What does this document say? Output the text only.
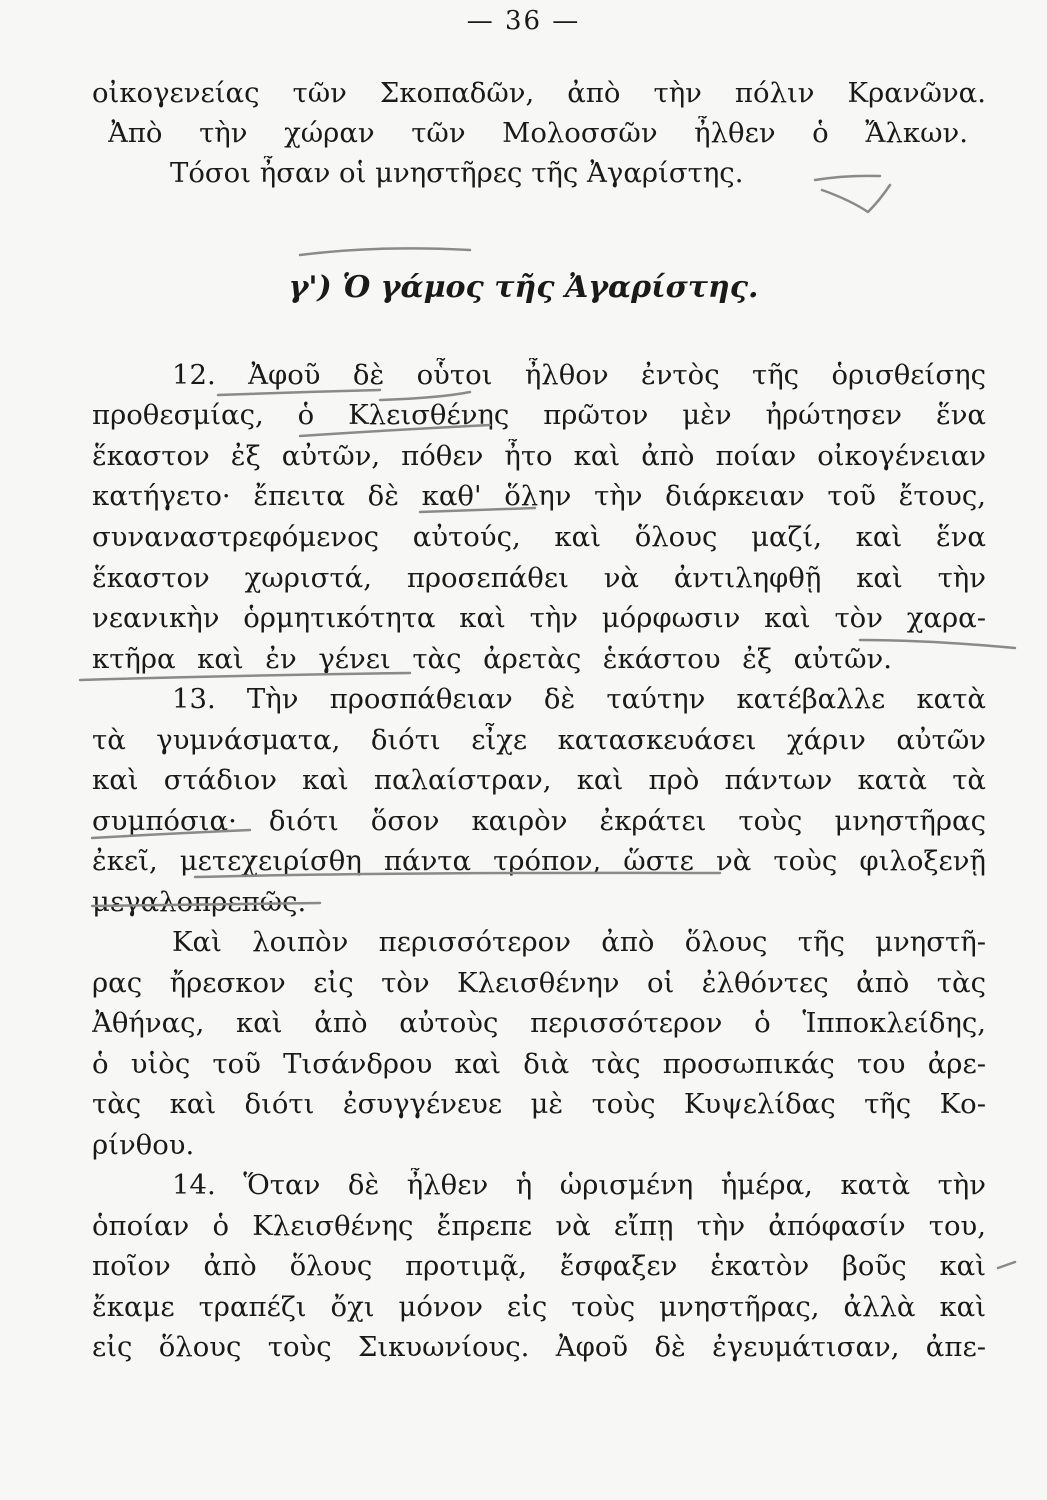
— 36 —
οἰκογενείας τῶν Σκοπαδῶν, ἀπὸ τὴν πόλιν Κρανῶνα.
Ἀπὸ τὴν χώραν τῶν Μολοσσῶν ἦλθεν ὁ Ἄλκων.
Τόσοι ἦσαν οἱ μνηστῆρες τῆς Ἀγαρίστης.
γ') Ὁ γάμος τῆς Ἀγαρίστης.
12. Ἀφοῦ δὲ οὗτοι ἦλθον ἐντὸς τῆς ὁρισθείσης
προθεσμίας, ὁ Κλεισθένης πρῶτον μὲν ἠρώτησεν ἕνα
ἕκαστον ἐξ αὐτῶν, πόθεν ἦτο καὶ ἀπὸ ποίαν οἰκογένειαν
κατήγετο· ἔπειτα δὲ καθ' ὅλην τὴν διάρκειαν τοῦ ἔτους,
συναναστρεφόμενος αὐτούς, καὶ ὅλους μαζί, καὶ ἕνα
ἕκαστον χωριστά, προσεπάθει νὰ ἀντιληφθῇ καὶ τὴν
νεανικὴν ὁρμητικότητα καὶ τὴν μόρφωσιν καὶ τὸν χαρα-
κτῆρα καὶ ἐν γένει τὰς ἀρετὰς ἑκάστου ἐξ αὐτῶν.
13. Τὴν προσπάθειαν δὲ ταύτην κατέβαλλε κατὰ
τὰ γυμνάσματα, διότι εἶχε κατασκευάσει χάριν αὐτῶν
καὶ στάδιον καὶ παλαίστραν, καὶ πρὸ πάντων κατὰ τὰ
συμπόσια· διότι ὅσον καιρὸν ἐκράτει τοὺς μνηστῆρας
ἐκεῖ, μετεχειρίσθη πάντα τρόπον, ὥστε νὰ τοὺς φιλοξενῇ
μεγαλοπρεπῶς.
Καὶ λοιπὸν περισσότερον ἀπὸ ὅλους τῆς μνηστῆ-
ρας ἤρεσκον εἰς τὸν Κλεισθένην οἱ ἐλθόντες ἀπὸ τὰς
Ἀθήνας, καὶ ἀπὸ αὐτοὺς περισσότερον ὁ Ἱπποκλείδης,
ὁ υἱὸς τοῦ Τισάνδρου καὶ διὰ τὰς προσωπικάς του ἀρε-
τὰς καὶ διότι ἐσυγγένευε μὲ τοὺς Κυψελίδας τῆς Κο-
ρίνθου.
14. Ὅταν δὲ ἦλθεν ἡ ὡρισμένη ἡμέρα, κατὰ τὴν
ὁποίαν ὁ Κλεισθένης ἔπρεπε νὰ εἴπῃ τὴν ἀπόφασίν του,
ποῖον ἀπὸ ὅλους προτιμᾷ, ἔσφαξεν ἑκατὸν βοῦς καὶ
ἔκαμε τραπέζι ὄχι μόνον εἰς τοὺς μνηστῆρας, ἀλλὰ καὶ
εἰς ὅλους τοὺς Σικυωνίους. Ἀφοῦ δὲ ἐγευμάτισαν, ἀπε-
